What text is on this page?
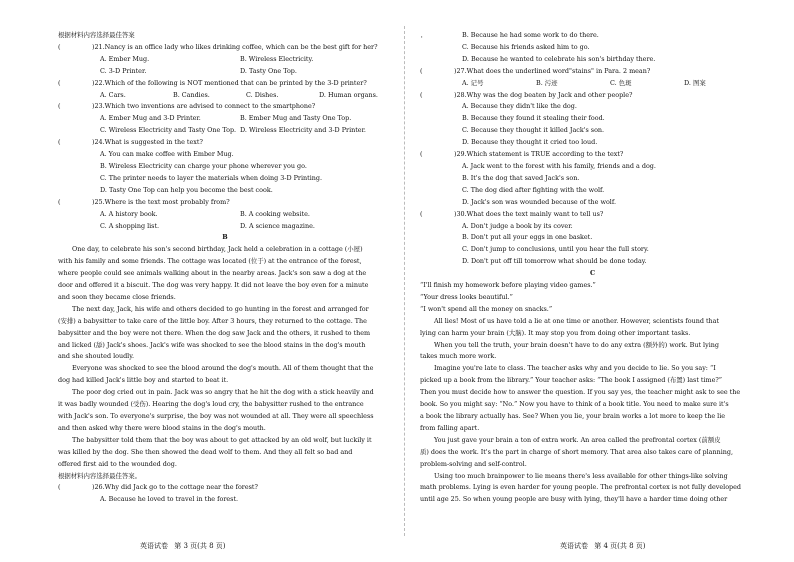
根据材料内容选择最佳答案
(	)21. Nancy is an office lady who likes drinking coffee, which can be the best gift for her?
A. Ember Mug.	B. Wireless Electricity.
C. 3-D Printer.	D. Tasty One Top.
(	)22. Which of the following is NOT mentioned that can be printed by the 3-D printer?
A. Cars.	B. Candies.	C. Dishes.	D. Human organs.
(	)23. Which two inventions are advised to connect to the smartphone?
A. Ember Mug and 3-D Printer.	B. Ember Mug and Tasty One Top.
C. Wireless Electricity and Tasty One Top. D. Wireless Electricity and 3-D Printer.
(	)24. What is suggested in the text?
A. You can make coffee with Ember Mug.
B. Wireless Electricity can charge your phone wherever you go.
C. The printer needs to layer the materials when doing 3-D Printing.
D. Tasty One Top can help you become the best cook.
(	)25. Where is the text most probably from?
A. A history book.	B. A cooking website.
C. A shopping list.	D. A science magazine.
B
One day, to celebrate his son's second birthday, Jack held a celebration in a cottage (小屋)
with his family and some friends. The cottage was located (位于) at the entrance of the forest,
where people could see animals walking about in the nearby areas. Jack's son saw a dog at the
door and offered it a biscuit. The dog was very happy. It did not leave the boy even for a minute
and soon they became close friends.
The next day, Jack, his wife and others decided to go hunting in the forest and arranged for
(安排) a babysitter to take care of the little boy. After 3 hours, they returned to the cottage. The
babysitter and the boy were not there. When the dog saw Jack and the others, it rushed to them
and licked (舔) Jack's shoes. Jack's wife was shocked to see the blood stains in the dog's mouth
and she shouted loudly.
Everyone was shocked to see the blood around the dog's mouth. All of them thought that the
dog had killed Jack's little boy and started to beat it.
The poor dog cried out in pain. Jack was so angry that he hit the dog with a stick heavily and
it was badly wounded (受伤). Hearing the dog's loud cry, the babysitter rushed to the entrance
with Jack's son. To everyone's surprise, the boy was not wounded at all. They were all speechless
and then asked why there were blood stains in the dog's mouth.
The babysitter told them that the boy was about to get attacked by an old wolf, but luckily it
was killed by the dog. She then showed the dead wolf to them. And they all felt so bad and
offered first aid to the wounded dog.
根据材料内容选择最佳答案。
(	)26. Why did Jack go to the cottage near the forest?
A. Because he loved to travel in the forest.
英语试卷 第 3 页(共 8 页)
'
B. Because he had some work to do there.
C. Because his friends asked him to go.
D. Because he wanted to celebrate his son's birthday there.
(	)27. What does the underlined word"stains" in Para. 2 mean?
A. 记号	B. 污迹	C. 色斑	D. 图案
(	)28. Why was the dog beaten by Jack and other people?
A. Because they didn't like the dog.
B. Because they found it stealing their food.
C. Because they thought it killed Jack's son.
D. Because they thought it cried too loud.
(	)29. Which statement is TRUE according to the text?
A. Jack went to the forest with his family, friends and a dog.
B. It's the dog that saved Jack's son.
C. The dog died after fighting with the wolf.
D. Jack's son was wounded because of the wolf.
(	)30. What does the text mainly want to tell us?
A. Don't judge a book by its cover.
B. Don't put all your eggs in one basket.
C. Don't jump to conclusions, until you hear the full story.
D. Don't put off till tomorrow what should be done today.
C
“I'll finish my homework before playing video games.”
“Your dress looks beautiful.”
“I won't spend all the money on snacks.”
All lies! Most of us have told a lie at one time or another. However, scientists found that
lying can harm your brain (大脑). It may stop you from doing other important tasks.
When you tell the truth, your brain doesn't have to do any extra (额外的) work. But lying
takes much more work.
Imagine you're late to class. The teacher asks why and you decide to lie. So you say: “I
picked up a book from the library.” Your teacher asks: “The book I assigned (布置) last time?”
Then you must decide how to answer the question. If you say yes, the teacher might ask to see the
book. So you might say: “No.” Now you have to think of a book title. You need to make sure it's
a book the library actually has. See? When you lie, your brain works a lot more to keep the lie
from falling apart.
You just gave your brain a ton of extra work. An area called the prefrontal cortex (前额皮
质) does the work. It's the part in charge of short memory. That area also takes care of planning,
problem-solving and self-control.
Using too much brainpower to lie means there's less available for other things-like solving
math problems. Lying is even harder for young people. The prefrontal cortex is not fully developed
until age 25. So when young people are busy with lying, they'll have a harder time doing other
英语试卷 第 4 页(共 8 页)
